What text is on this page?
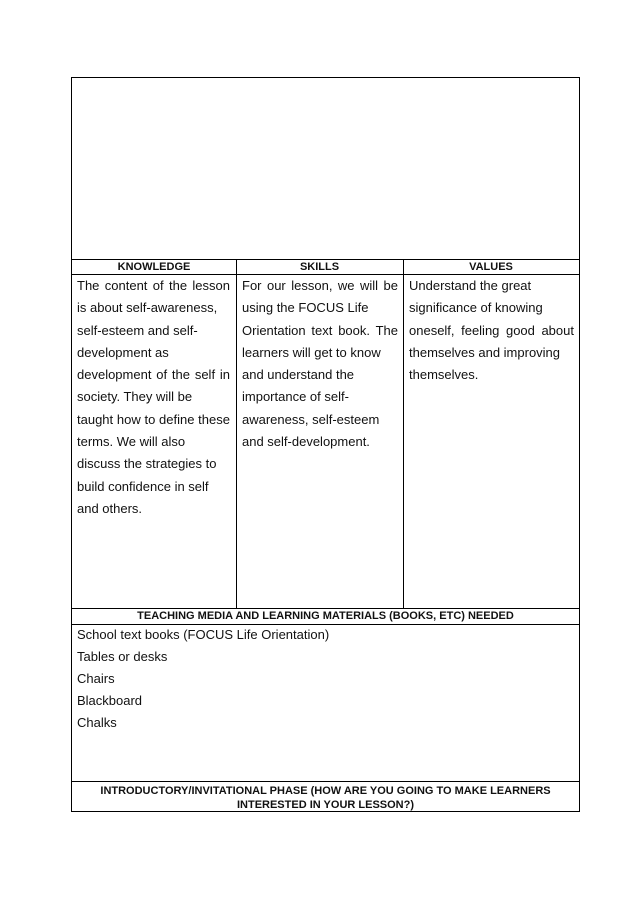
KNOWLEDGE	SKILLS	VALUES
The content of the lesson
is about self-awareness,
self-esteem and self-
development as
development of the self in
society. They will be
taught how to define these
terms. We will also
discuss the strategies to
build confidence in self
and others.
For our lesson, we will be
using the FOCUS Life
Orientation text book. The
learners will get to know
and understand the
importance of self-
awareness, self-esteem
and self-development.
Understand the great
significance of knowing
oneself, feeling good about
themselves and improving
themselves.
TEACHING MEDIA AND LEARNING MATERIALS (BOOKS, ETC) NEEDED
School text books (FOCUS Life Orientation)
Tables or desks
Chairs
Blackboard
Chalks
INTRODUCTORY/INVITATIONAL PHASE (HOW ARE YOU GOING TO MAKE LEARNERS
INTERESTED IN YOUR LESSON?)
